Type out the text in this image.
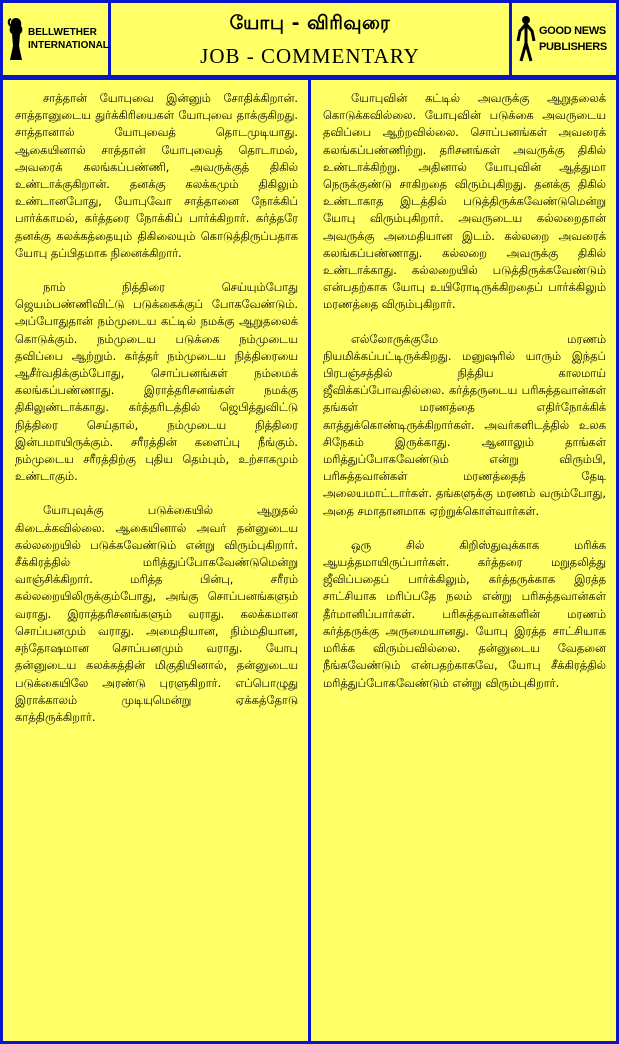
BELLWETHER
INTERNATIONAL
யோபு - விரிவுரை
JOB - COMMENTARY
GOOD NEWS
PUBLISHERS

சாத்தான் யோபுவை இன்னும் சோதிக்கிறான். சாத்தானுடைய துர்க்கிரியைகள் யோபுவை தாக்குகிறது. சாத்தானால் யோபுவைத் தொடமுடியாது. ஆகையினால் சாத்தான் யோபுவைத் தொடாமல், அவரைக் கலங்கப்பண்ணி, அவருக்குத் திகில் உண்டாக்குகிறான். தனக்கு கலக்கமும் திகிலும் உண்டானபோது, யோபுவோ சாத்தானை நோக்கிப் பார்க்காமல், கர்த்தரை நோக்கிப் பார்க்கிறார். கர்த்தரே தனக்கு கலக்கத்தையும் திகிலையும் கொடுத்திருப்பதாக யோபு தப்பிதமாக நினைக்கிறார்.

நாம் நித்திரை செய்யும்போது ஜெயம்பண்ணிவிட்டு படுக்கைக்குப் போகவேண்டும். அப்போதுதான் நம்முடைய கட்டில் நமக்கு ஆறுதலைக் கொடுக்கும். நம்முடைய படுக்கை நம்முடைய தவிப்பை ஆற்றும். கர்த்தர் நம்முடைய நித்திரையை ஆசீர்வதிக்கும்போது, சொப்பனங்கள் நம்மைக் கலங்கப்பண்ணாது. இராத்தரிசனங்கள் நமக்கு திகிலுண்டாக்காது. கர்த்தரிடத்தில் ஜெபித்துவிட்டு நித்திரை செய்தால், நம்முடைய நித்திரை இன்பமாயிருக்கும். சரீரத்தின் களைப்பு நீங்கும். நம்முடைய சரீரத்திற்கு புதிய தெம்பும், உற்சாகமும் உண்டாகும்.

யோபுவுக்கு படுக்கையில் ஆறுதல் கிடைக்கவில்லை. ஆகையினால் அவர் தன்னுடைய கல்லறையில் படுக்கவேண்டும் என்று விரும்புகிறார். சீக்கிரத்தில் மரித்துப்போகவேண்டுமென்று வாஞ்சிக்கிறார். மரித்த பின்பு, சரீரம் கல்லறையிலிருக்கும்போது, அங்கு சொப்பனங்களும் வராது. இராத்தரிசனங்களும் வராது. கலக்கமான சொப்பனமும் வராது. அமைதியான, நிம்மதியான, சந்தோஷமான சொப்பனமும் வராது. யோபு தன்னுடைய கலக்கத்தின் மிகுதியினால், தன்னுடைய படுக்கையிலே அரண்டு புரளுகிறார். எப்பொழுது இராக்காலம் முடியுமென்று ஏக்கத்தோடு காத்திருக்கிறார்.

யோபுவின் கட்டில் அவருக்கு ஆறுதலைக் கொடுக்கவில்லை. யோபுவின் படுக்கை அவருடைய தவிப்பை ஆற்றவில்லை. சொப்பனங்கள் அவரைக் கலங்கப்பண்ணிற்று. தரிசனங்கள் அவருக்கு திகில் உண்டாக்கிற்று. அதினால் யோபுவின் ஆத்துமா நெருக்குண்டு சாகிறதை விரும்புகிறது. தனக்கு திகில் உண்டாகாத இடத்தில் படுத்திருக்கவேண்டுமென்று யோபு விரும்புகிறார். அவருடைய கல்லறைதான் அவருக்கு அமைதியான இடம். கல்லறை அவரைக் கலங்கப்பண்ணாது. கல்லறை அவருக்கு திகில் உண்டாக்காது. கல்லறையில் படுத்திருக்கவேண்டும் என்பதற்காக யோபு உயிரோடிருக்கிறதைப் பார்க்கிலும் மரணத்தை விரும்புகிறார்.

எல்லோருக்குமே மரணம் நியமிக்கப்பட்டிருக்கிறது. மனுஷரில் யாரும் இந்தப் பிரபஞ்சத்தில் நித்திய காலமாய் ஜீவிக்கப்போவதில்லை. கர்த்தருடைய பரிசுத்தவான்கள் தங்கள் மரணத்தை எதிர்நோக்கிக் காத்துக்கொண்டிருக்கிறார்கள். அவர்களிடத்தில் உலக சிநேகம் இருக்காது. ஆனாலும் தாங்கள் மரித்துப்போகவேண்டும் என்று விரும்பி, பரிசுத்தவான்கள் மரணத்தைத் தேடி அலையமாட்டார்கள். தங்களுக்கு மரணம் வரும்போது, அதை சமாதானமாக ஏற்றுக்கொள்வார்கள்.

ஒரு சில் கிறிஸ்துவுக்காக மரிக்க ஆயத்தமாயிருப்பார்கள். கர்த்தரை மறுதலித்து ஜீவிப்பதைப் பார்க்கிலும், கர்த்தருக்காக இரத்த சாட்சியாக மரிப்பதே நலம் என்று பரிசுத்தவான்கள் தீர்மானிப்பார்கள். பரிசுத்தவான்களின் மரணம் கர்த்தருக்கு அருமையானது. யோபு இரத்த சாட்சியாக மரிக்க விரும்பவில்லை. தன்னுடைய வேதனை நீங்கவேண்டும் என்பதற்காகவே, யோபு சீக்கிரத்தில் மரித்துப்போகவேண்டும் என்று விரும்புகிறார்.
